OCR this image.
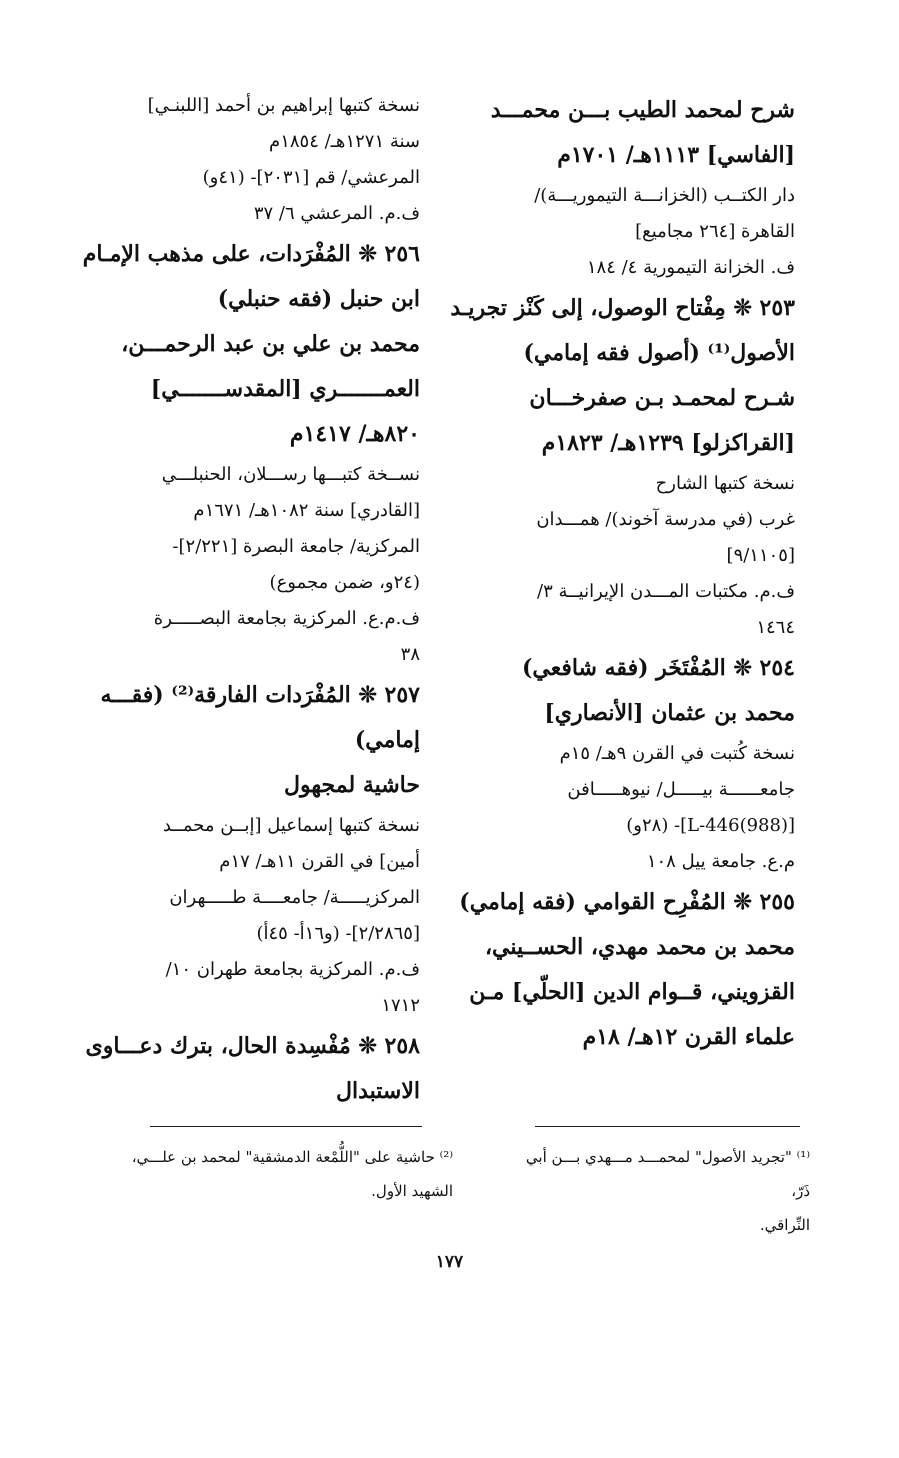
شرح لمحمد الطيب بـــن محمـــد
[الفاسي] ١١١٣هـ/ ١٧٠١م
دار الكتــب (الخزانـــة التيموريـــة)/
القاهرة [٢٦٤ مجاميع]
ف. الخزانة التيمورية ٤/ ١٨٤
٢٥٣ ❊ مِفْتاح الوصول، إلى كَنْز تجريـد
الأصول⁽¹⁾ (أصول فقه إمامي)
شـرح لمحمـد بـن صفرخـــان
[القراكزلو] ١٢٣٩هـ/ ١٨٢٣م
نسخة كتبها الشارح
غرب (في مدرسة آخوند)/ همـــدان
[٩/١١٠٥]
ف.م. مكتبات المـــدن الإيرانيــة ٣/
١٤٦٤
٢٥٤ ❊ المُفْتَخَر (فقه شافعي)
محمد بن عثمان [الأنصاري]
نسخة كُتبت في القرن ٩هـ/ ١٥م
جامعــــــة بيـــــل/ نيوهـــــافن
[L-446(988)]- (٢٨و)
م.ع. جامعة ييل ١٠٨
٢٥٥ ❊ المُفْرِح القوامي (فقه إمامي)
محمد بن محمد مهدي، الحســيني،
القزويني، قــوام الدين [الحلّي] مـن
علماء القرن ١٢هـ/ ١٨م
نسخة كتبها إبراهيم بن أحمد [اللبنـي]
سنة ١٢٧١هـ/ ١٨٥٤م
المرعشي/ قم [٢٠٣١]- (٤١و)
ف.م. المرعشي ٦/ ٣٧
٢٥٦ ❊ المُفْرَدات، على مذهب الإمـام
ابن حنبل (فقه حنبلي)
محمد بن علي بن عبد الرحمـــن،
العمـــــــري [المقدســـــــي]
٨٢٠هـ/ ١٤١٧م
نســخة كتبـــها رســـلان، الحنبلـــي
[القادري] سنة ١٠٨٢هـ/ ١٦٧١م
المركزية/ جامعة البصرة [٢/٢٢١]-
(٢٤و، ضمن مجموع)
ف.م.ع. المركزية بجامعة البصـــــرة
٣٨
٢٥٧ ❊ المُفْرَدات الفارقة⁽²⁾ (فقـــه
إمامي)
حاشية لمجهول
نسخة كتبها إسماعيل [إبــن محمــد
أمين] في القرن ١١هـ/ ١٧م
المركزيـــــة/ جامعــــة طـــــهران
[٢/٢٨٦٥]- (و١٦أ- ٤٥أ)
ف.م. المركزية بجامعة طهران ١٠/
١٧١٢
٢٥٨ ❊ مُفْسِدة الحال، بترك دعـــاوى
الاستبدال
⁽¹⁾ "تجريد الأصول" لمحمـــد مـــهدي بـــن أبي ذَرّ،
النِّراقي.
⁽²⁾ حاشية على "اللُّمْعة الدمشقية" لمحمد بن علـــي،
الشهيد الأول.
١٧٧
